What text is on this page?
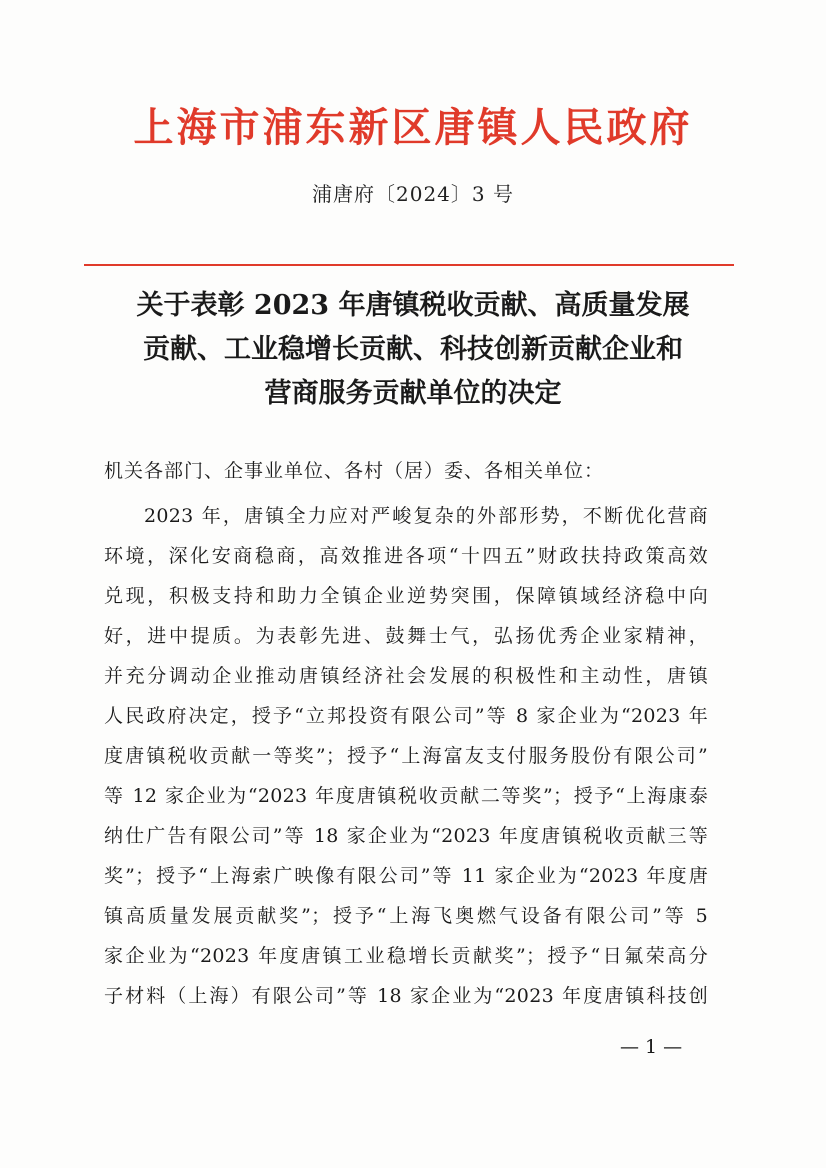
上海市浦东新区唐镇人民政府
浦唐府〔2024〕3 号
关于表彰 2023 年唐镇税收贡献、高质量发展
贡献、工业稳增长贡献、科技创新贡献企业和
营商服务贡献单位的决定
机关各部门、企事业单位、各村（居）委、各相关单位：
2023 年，唐镇全力应对严峻复杂的外部形势，不断优化营商
环境，深化安商稳商，高效推进各项“十四五”财政扶持政策高效
兑现，积极支持和助力全镇企业逆势突围，保障镇域经济稳中向
好，进中提质。为表彰先进、鼓舞士气，弘扬优秀企业家精神，
并充分调动企业推动唐镇经济社会发展的积极性和主动性，唐镇
人民政府决定，授予“立邦投资有限公司”等 8 家企业为“2023 年
度唐镇税收贡献一等奖”；授予“上海富友支付服务股份有限公司”
等 12 家企业为“2023 年度唐镇税收贡献二等奖”；授予“上海康泰
纳仕广告有限公司”等 18 家企业为“2023 年度唐镇税收贡献三等
奖”；授予“上海索广映像有限公司”等 11 家企业为“2023 年度唐
镇高质量发展贡献奖”；授予“上海飞奥燃气设备有限公司”等 5
家企业为“2023 年度唐镇工业稳增长贡献奖”；授予“日氟荣高分
子材料（上海）有限公司”等 18 家企业为“2023 年度唐镇科技创
— 1 —
